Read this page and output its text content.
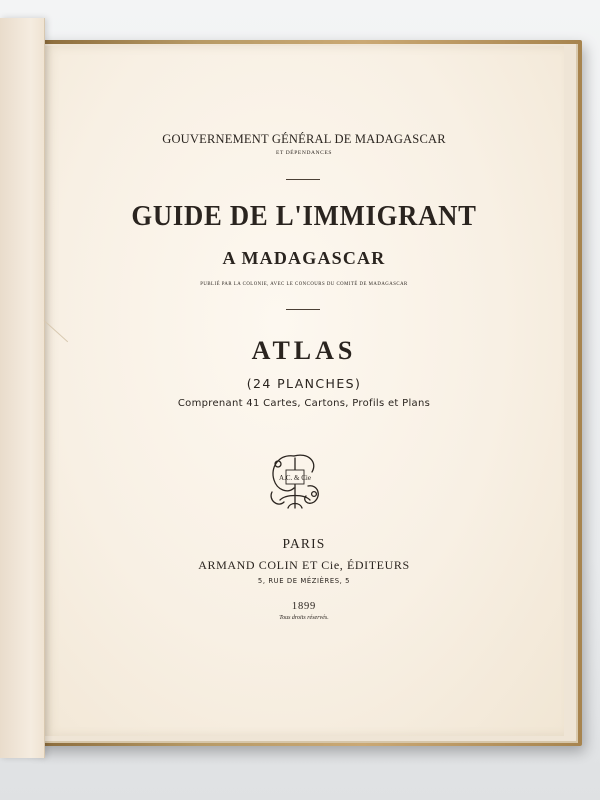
GOUVERNEMENT GÉNÉRAL DE MADAGASCAR
ET DÉPENDANCES
GUIDE DE L'IMMIGRANT
A MADAGASCAR
PUBLIÉ PAR LA COLONIE, AVEC LE CONCOURS DU COMITÉ DE MADAGASCAR
ATLAS
(24 PLANCHES)
Comprenant 41 Cartes, Cartons, Profils et Plans
A.C. & Cie
PARIS
ARMAND COLIN ET Cie, ÉDITEURS
5, RUE DE MÉZIÈRES, 5
1899
Tous droits réservés.
